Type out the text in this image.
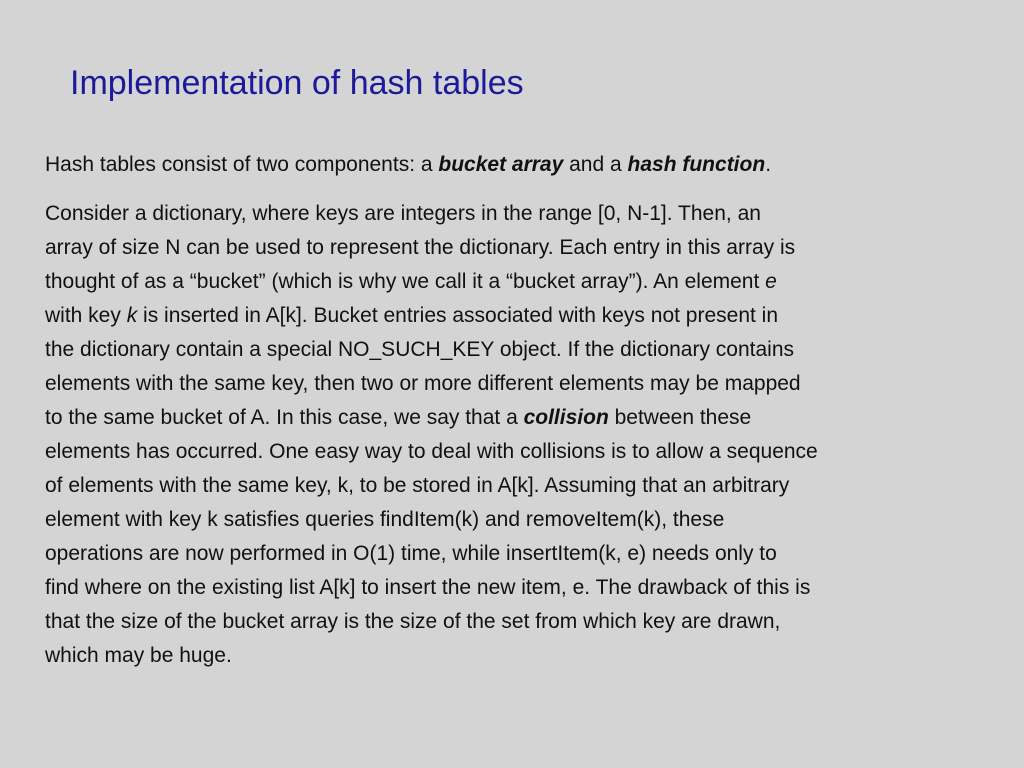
Implementation of hash tables

Hash tables consist of two components: a bucket array and a hash function.

Consider a dictionary, where keys are integers in the range [0, N-1]. Then, an
array of size N can be used to represent the dictionary. Each entry in this array is
thought of as a “bucket” (which is why we call it a “bucket array”). An element e
with key k is inserted in A[k]. Bucket entries associated with keys not present in
the dictionary contain a special NO_SUCH_KEY object. If the dictionary contains
elements with the same key, then two or more different elements may be mapped
to the same bucket of A. In this case, we say that a collision between these
elements has occurred. One easy way to deal with collisions is to allow a sequence
of elements with the same key, k, to be stored in A[k]. Assuming that an arbitrary
element with key k satisfies queries findItem(k) and removeItem(k), these
operations are now performed in O(1) time, while insertItem(k, e) needs only to
find where on the existing list A[k] to insert the new item, e. The drawback of this is
that the size of the bucket array is the size of the set from which key are drawn,
which may be huge.
